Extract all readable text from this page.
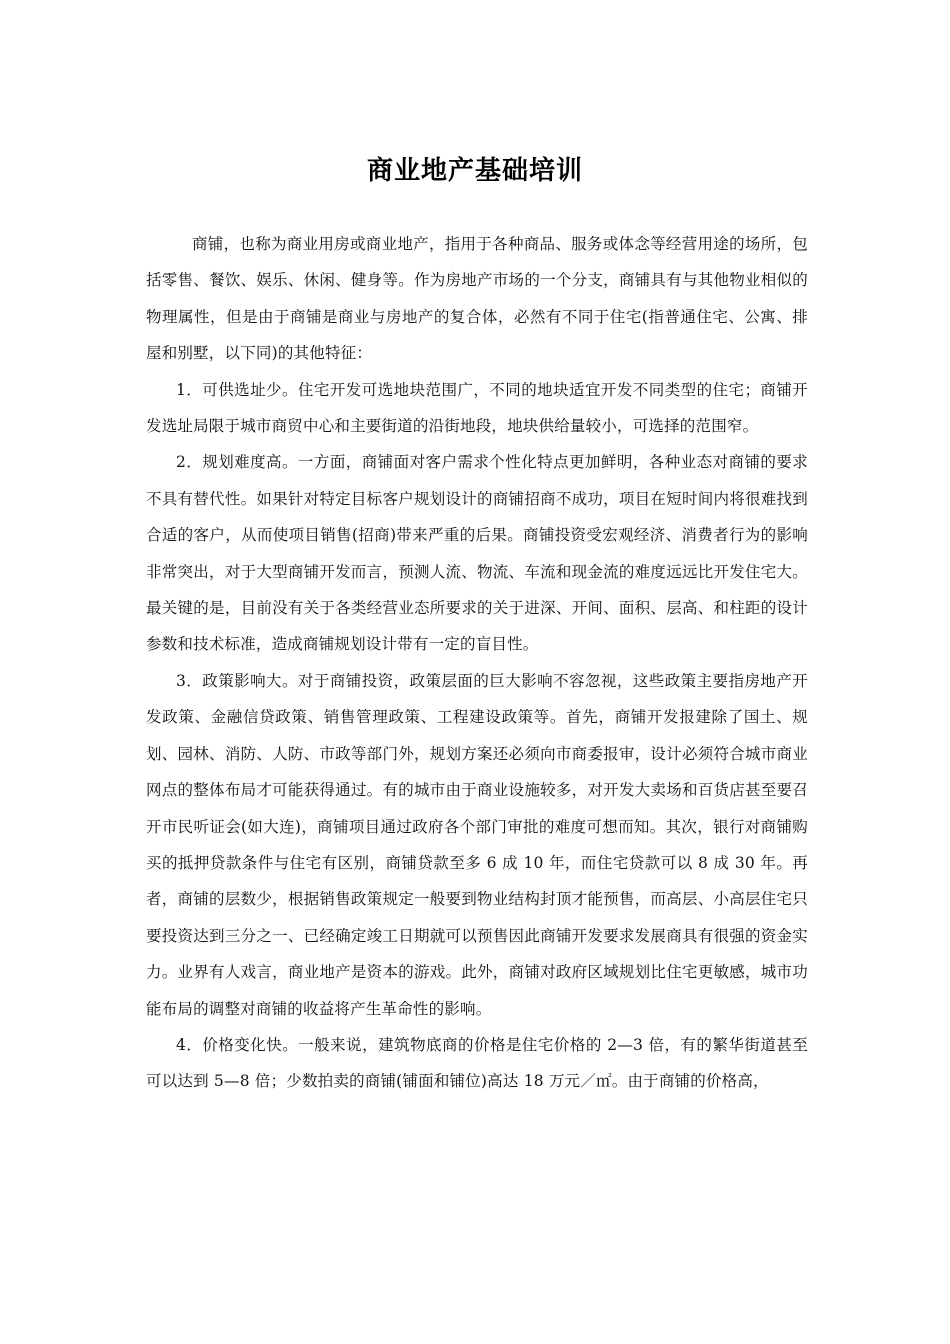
商业地产基础培训

商铺，也称为商业用房或商业地产，指用于各种商品、服务或体念等经营用途的场所，包括零售、餐饮、娱乐、休闲、健身等。作为房地产市场的一个分支，商铺具有与其他物业相似的物理属性，但是由于商铺是商业与房地产的复合体，必然有不同于住宅(指普通住宅、公寓、排屋和别墅，以下同)的其他特征：

1．可供选址少。住宅开发可选地块范围广，不同的地块适宜开发不同类型的住宅；商铺开发选址局限于城市商贸中心和主要街道的沿街地段，地块供给量较小，可选择的范围窄。

2．规划难度高。一方面，商铺面对客户需求个性化特点更加鲜明，各种业态对商铺的要求不具有替代性。如果针对特定目标客户规划设计的商铺招商不成功，项目在短时间内将很难找到合适的客户，从而使项目销售(招商)带来严重的后果。商铺投资受宏观经济、消费者行为的影响非常突出，对于大型商铺开发而言，预测人流、物流、车流和现金流的难度远远比开发住宅大。最关键的是，目前没有关于各类经营业态所要求的关于进深、开间、面积、层高、和柱距的设计参数和技术标准，造成商铺规划设计带有一定的盲目性。

3．政策影响大。对于商铺投资，政策层面的巨大影响不容忽视，这些政策主要指房地产开发政策、金融信贷政策、销售管理政策、工程建设政策等。首先，商铺开发报建除了国土、规划、园林、消防、人防、市政等部门外，规划方案还必须向市商委报审，设计必须符合城市商业网点的整体布局才可能获得通过。有的城市由于商业设施较多，对开发大卖场和百货店甚至要召开市民听证会(如大连)，商铺项目通过政府各个部门审批的难度可想而知。其次，银行对商铺购买的抵押贷款条件与住宅有区别，商铺贷款至多 6 成 10 年，而住宅贷款可以 8 成 30 年。再者，商铺的层数少，根据销售政策规定一般要到物业结构封顶才能预售，而高层、小高层住宅只要投资达到三分之一、已经确定竣工日期就可以预售因此商铺开发要求发展商具有很强的资金实力。业界有人戏言，商业地产是资本的游戏。此外，商铺对政府区域规划比住宅更敏感，城市功能布局的调整对商铺的收益将产生革命性的影响。

4．价格变化快。一般来说，建筑物底商的价格是住宅价格的 2—3 倍，有的繁华街道甚至可以达到 5—8 倍；少数拍卖的商铺(铺面和铺位)高达 18 万元／㎡。由于商铺的价格高，
